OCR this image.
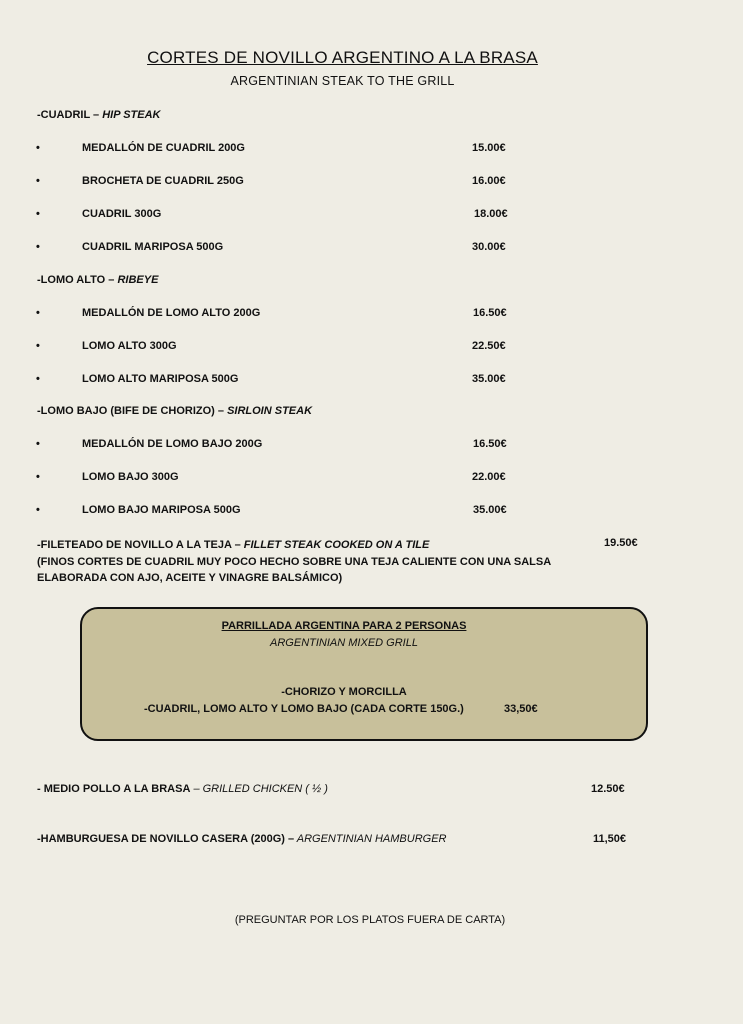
CORTES DE NOVILLO ARGENTINO A LA BRASA
ARGENTINIAN STEAK TO THE GRILL
-CUADRIL – HIP STEAK
•	MEDALLÓN DE CUADRIL 200G	15.00€
•	BROCHETA DE CUADRIL 250G	16.00€
•	CUADRIL 300G	18.00€
•	CUADRIL MARIPOSA 500G	30.00€
-LOMO ALTO – RIBEYE
•	MEDALLÓN DE LOMO ALTO 200G	16.50€
•	LOMO ALTO 300G	22.50€
•	LOMO ALTO MARIPOSA 500G	35.00€
-LOMO BAJO (BIFE DE CHORIZO) – SIRLOIN STEAK
•	MEDALLÓN DE LOMO BAJO 200G	16.50€
•	LOMO BAJO 300G	22.00€
•	LOMO BAJO MARIPOSA 500G	35.00€
-FILETEADO DE NOVILLO A LA TEJA – FILLET STEAK COOKED ON A TILE
(FINOS CORTES DE CUADRIL MUY POCO HECHO SOBRE UNA TEJA CALIENTE CON UNA SALSA ELABORADA CON AJO, ACEITE Y VINAGRE BALSÁMICO)
19.50€
PARRILLADA ARGENTINA PARA 2 PERSONAS
ARGENTINIAN MIXED GRILL
-CHORIZO Y MORCILLA
-CUADRIL, LOMO ALTO Y LOMO BAJO (CADA CORTE 150G.)	33,50€
- MEDIO POLLO A LA BRASA – GRILLED CHICKEN ( ½ )	12.50€
-HAMBURGUESA DE NOVILLO CASERA (200G) – ARGENTINIAN HAMBURGER	11,50€
(PREGUNTAR POR LOS PLATOS FUERA DE CARTA)
